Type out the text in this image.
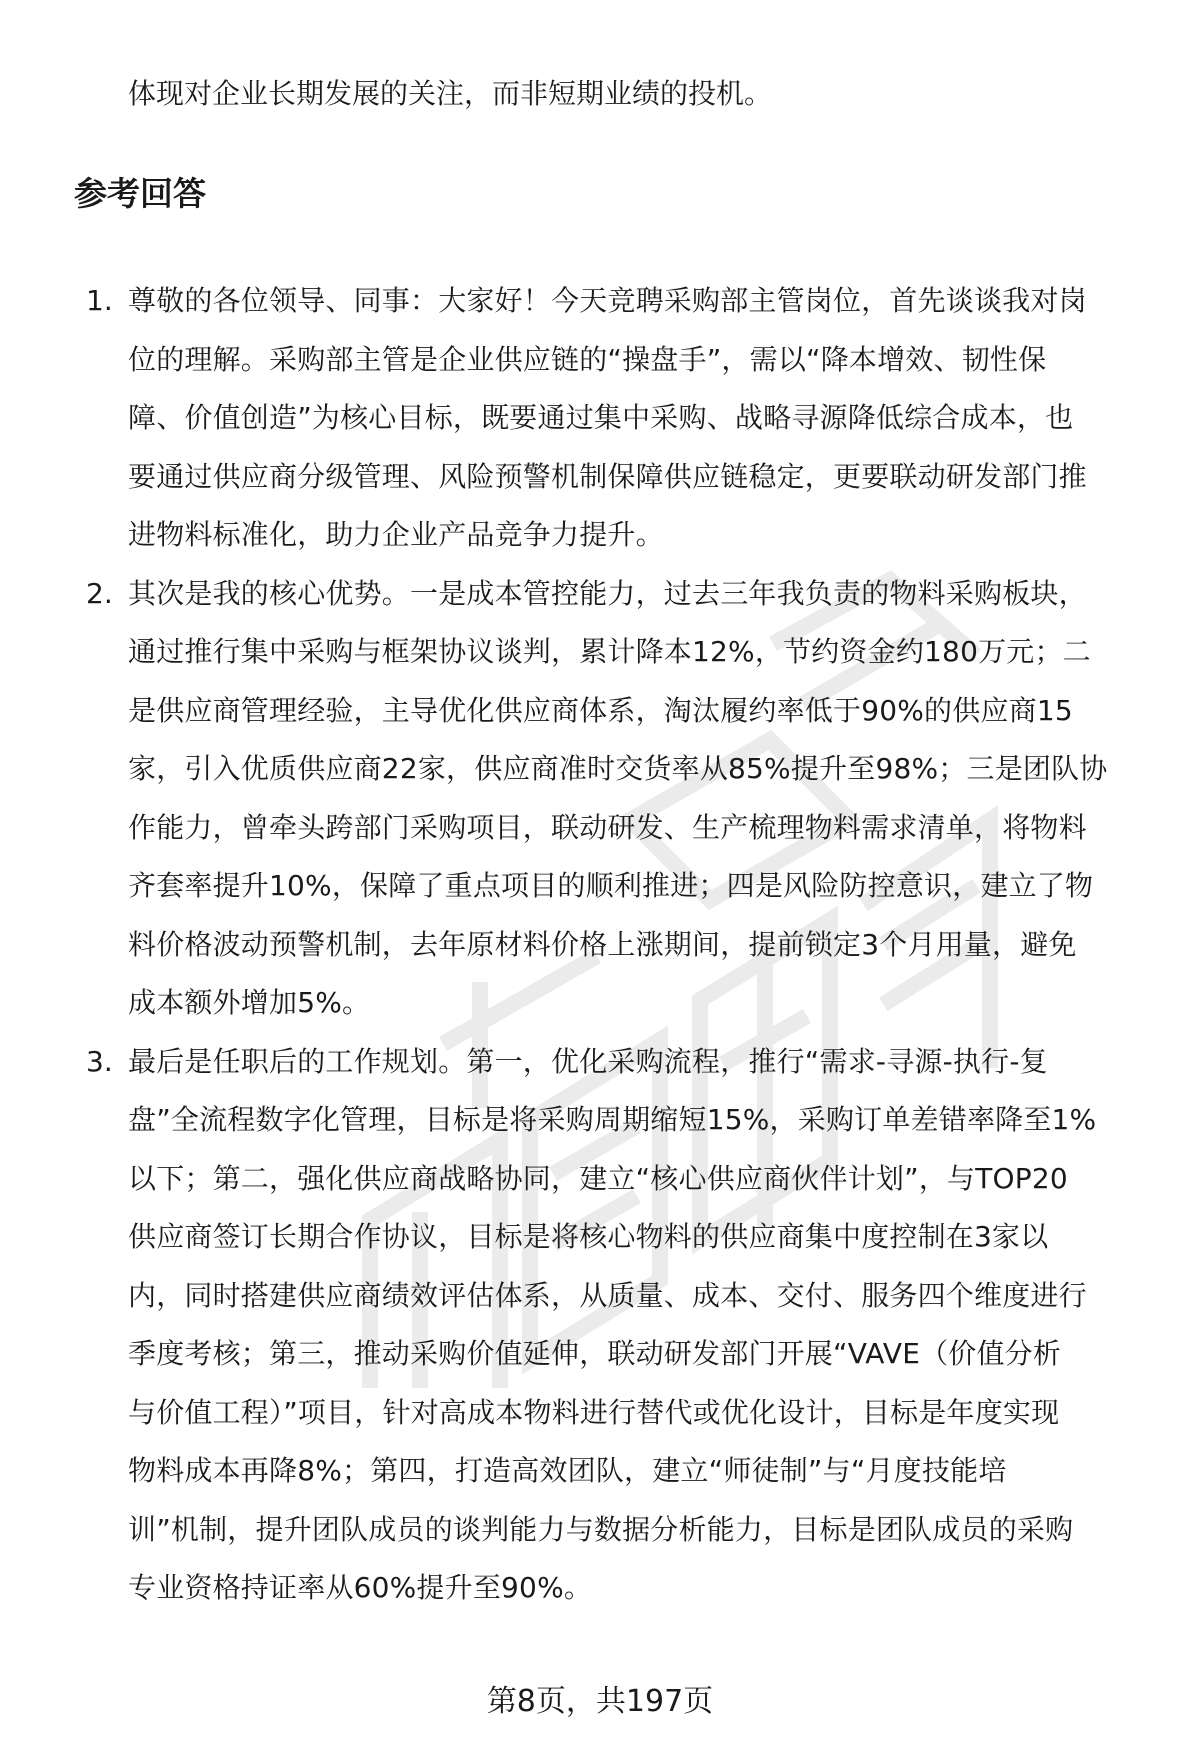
体现对企业长期发展的关注，而非短期业绩的投机。
参考回答
1. 尊敬的各位领导、同事：大家好！今天竞聘采购部主管岗位，首先谈谈我对岗
位的理解。采购部主管是企业供应链的“操盘手”，需以“降本增效、韧性保
障、价值创造”为核心目标，既要通过集中采购、战略寻源降低综合成本，也
要通过供应商分级管理、风险预警机制保障供应链稳定，更要联动研发部门推
进物料标准化，助力企业产品竞争力提升。
2. 其次是我的核心优势。一是成本管控能力，过去三年我负责的物料采购板块，
通过推行集中采购与框架协议谈判，累计降本12%，节约资金约180万元；二
是供应商管理经验，主导优化供应商体系，淘汰履约率低于90%的供应商15
家，引入优质供应商22家，供应商准时交货率从85%提升至98%；三是团队协
作能力，曾牵头跨部门采购项目，联动研发、生产梳理物料需求清单，将物料
齐套率提升10%，保障了重点项目的顺利推进；四是风险防控意识，建立了物
料价格波动预警机制，去年原材料价格上涨期间，提前锁定3个月用量，避免
成本额外增加5%。
3. 最后是任职后的工作规划。第一，优化采购流程，推行“需求-寻源-执行-复
盘”全流程数字化管理，目标是将采购周期缩短15%，采购订单差错率降至1%
以下；第二，强化供应商战略协同，建立“核心供应商伙伴计划”，与TOP20
供应商签订长期合作协议，目标是将核心物料的供应商集中度控制在3家以
内，同时搭建供应商绩效评估体系，从质量、成本、交付、服务四个维度进行
季度考核；第三，推动采购价值延伸，联动研发部门开展“VAVE（价值分析
与价值工程）”项目，针对高成本物料进行替代或优化设计，目标是年度实现
物料成本再降8%；第四，打造高效团队，建立“师徒制”与“月度技能培
训”机制，提升团队成员的谈判能力与数据分析能力，目标是团队成员的采购
专业资格持证率从60%提升至90%。
第8页，共197页
